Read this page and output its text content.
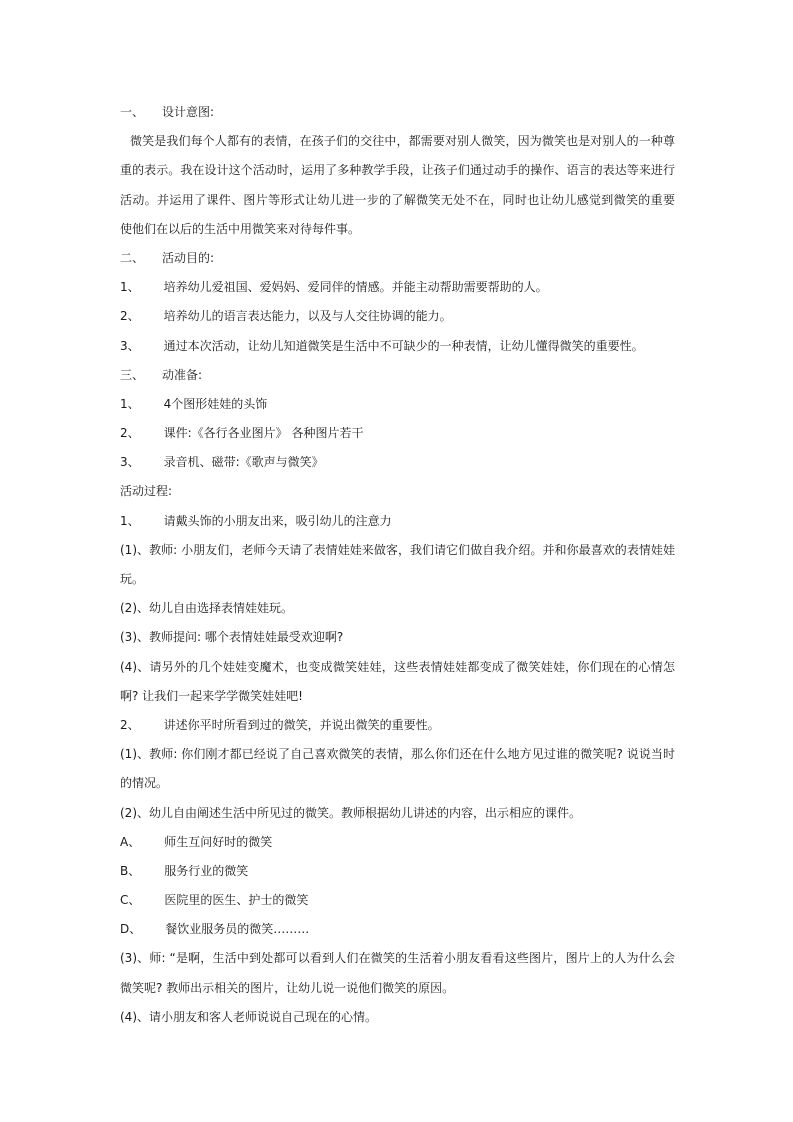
一、 设计意图:
微笑是我们每个人都有的表情，在孩子们的交往中，都需要对别人微笑，因为微笑也是对别人的一种尊
重的表示。我在设计这个活动时，运用了多种教学手段，让孩子们通过动手的操作、语言的表达等来进行
活动。并运用了课件、图片等形式让幼儿进一步的了解微笑无处不在，同时也让幼儿感觉到微笑的重要
使他们在以后的生活中用微笑来对待每件事。
二、 活动目的:
1、 培养幼儿爱祖国、爱妈妈、爱同伴的情感。并能主动帮助需要帮助的人。
2、 培养幼儿的语言表达能力，以及与人交往协调的能力。
3、 通过本次活动，让幼儿知道微笑是生活中不可缺少的一种表情，让幼儿懂得微笑的重要性。
三、 动准备:
1、 4个图形娃娃的头饰
2、 课件:《各行各业图片》 各种图片若干
3、 录音机、磁带:《歌声与微笑》
活动过程:
1、 请戴头饰的小朋友出来，吸引幼儿的注意力
(1)、教师: 小朋友们，老师今天请了表情娃娃来做客，我们请它们做自我介绍。并和你最喜欢的表情娃娃
玩。
(2)、幼儿自由选择表情娃娃玩。
(3)、教师提问: 哪个表情娃娃最受欢迎啊?
(4)、请另外的几个娃娃变魔术，也变成微笑娃娃，这些表情娃娃都变成了微笑娃娃，你们现在的心情怎
啊? 让我们一起来学学微笑娃娃吧!
2、 讲述你平时所看到过的微笑，并说出微笑的重要性。
(1)、教师: 你们刚才都已经说了自己喜欢微笑的表情，那么你们还在什么地方见过谁的微笑呢? 说说当时
的情况。
(2)、幼儿自由阐述生活中所见过的微笑。教师根据幼儿讲述的内容，出示相应的课件。
A、 师生互问好时的微笑
B、 服务行业的微笑
C、 医院里的医生、护士的微笑
D、 餐饮业服务员的微笑………
(3)、师: “是啊，生活中到处都可以看到人们在微笑的生活着小朋友看看这些图片，图片上的人为什么会
微笑呢? 教师出示相关的图片，让幼儿说一说他们微笑的原因。
(4)、请小朋友和客人老师说说自己现在的心情。
